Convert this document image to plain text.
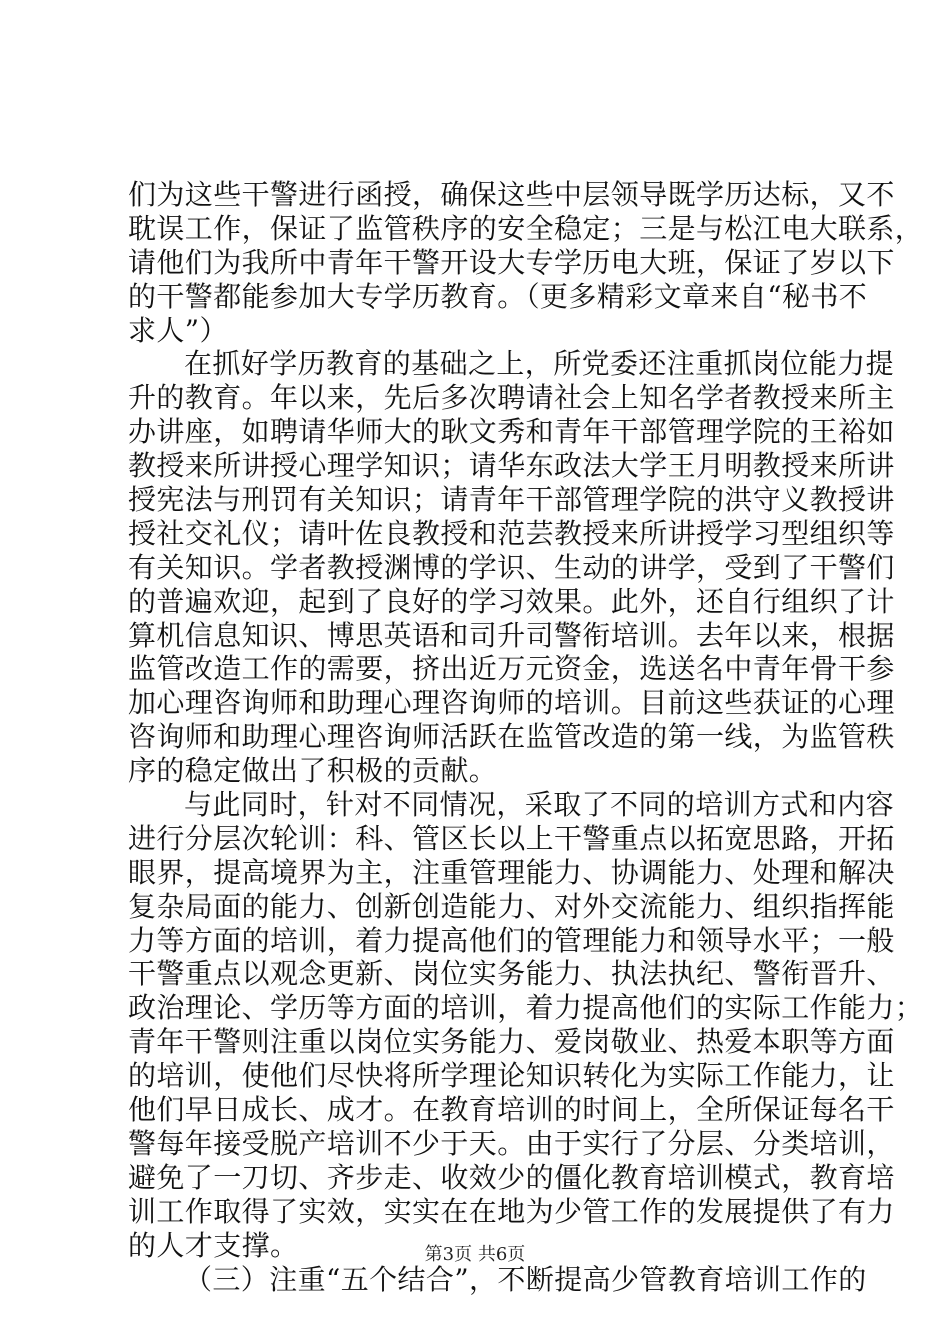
们为这些干警进行函授，确保这些中层领导既学历达标，又不
耽误工作，保证了监管秩序的安全稳定；三是与松江电大联系，
请他们为我所中青年干警开设大专学历电大班，保证了岁以下
的干警都能参加大专学历教育。（更多精彩文章来自“秘书不
求人”）
在抓好学历教育的基础之上，所党委还注重抓岗位能力提
升的教育。年以来，先后多次聘请社会上知名学者教授来所主
办讲座，如聘请华师大的耿文秀和青年干部管理学院的王裕如
教授来所讲授心理学知识；请华东政法大学王月明教授来所讲
授宪法与刑罚有关知识；请青年干部管理学院的洪守义教授讲
授社交礼仪；请叶佐良教授和范芸教授来所讲授学习型组织等
有关知识。学者教授渊博的学识、生动的讲学，受到了干警们
的普遍欢迎，起到了良好的学习效果。此外，还自行组织了计
算机信息知识、博思英语和司升司警衔培训。去年以来，根据
监管改造工作的需要，挤出近万元资金，选送名中青年骨干参
加心理咨询师和助理心理咨询师的培训。目前这些获证的心理
咨询师和助理心理咨询师活跃在监管改造的第一线，为监管秩
序的稳定做出了积极的贡献。
与此同时，针对不同情况，采取了不同的培训方式和内容
进行分层次轮训：科、管区长以上干警重点以拓宽思路，开拓
眼界，提高境界为主，注重管理能力、协调能力、处理和解决
复杂局面的能力、创新创造能力、对外交流能力、组织指挥能
力等方面的培训，着力提高他们的管理能力和领导水平；一般
干警重点以观念更新、岗位实务能力、执法执纪、警衔晋升、
政治理论、学历等方面的培训，着力提高他们的实际工作能力；
青年干警则注重以岗位实务能力、爱岗敬业、热爱本职等方面
的培训，使他们尽快将所学理论知识转化为实际工作能力，让
他们早日成长、成才。在教育培训的时间上，全所保证每名干
警每年接受脱产培训不少于天。由于实行了分层、分类培训，
避免了一刀切、齐步走、收效少的僵化教育培训模式，教育培
训工作取得了实效，实实在在地为少管工作的发展提供了有力
的人才支撑。
（三）注重“五个结合”，不断提高少管教育培训工作的
第3页 共6页
